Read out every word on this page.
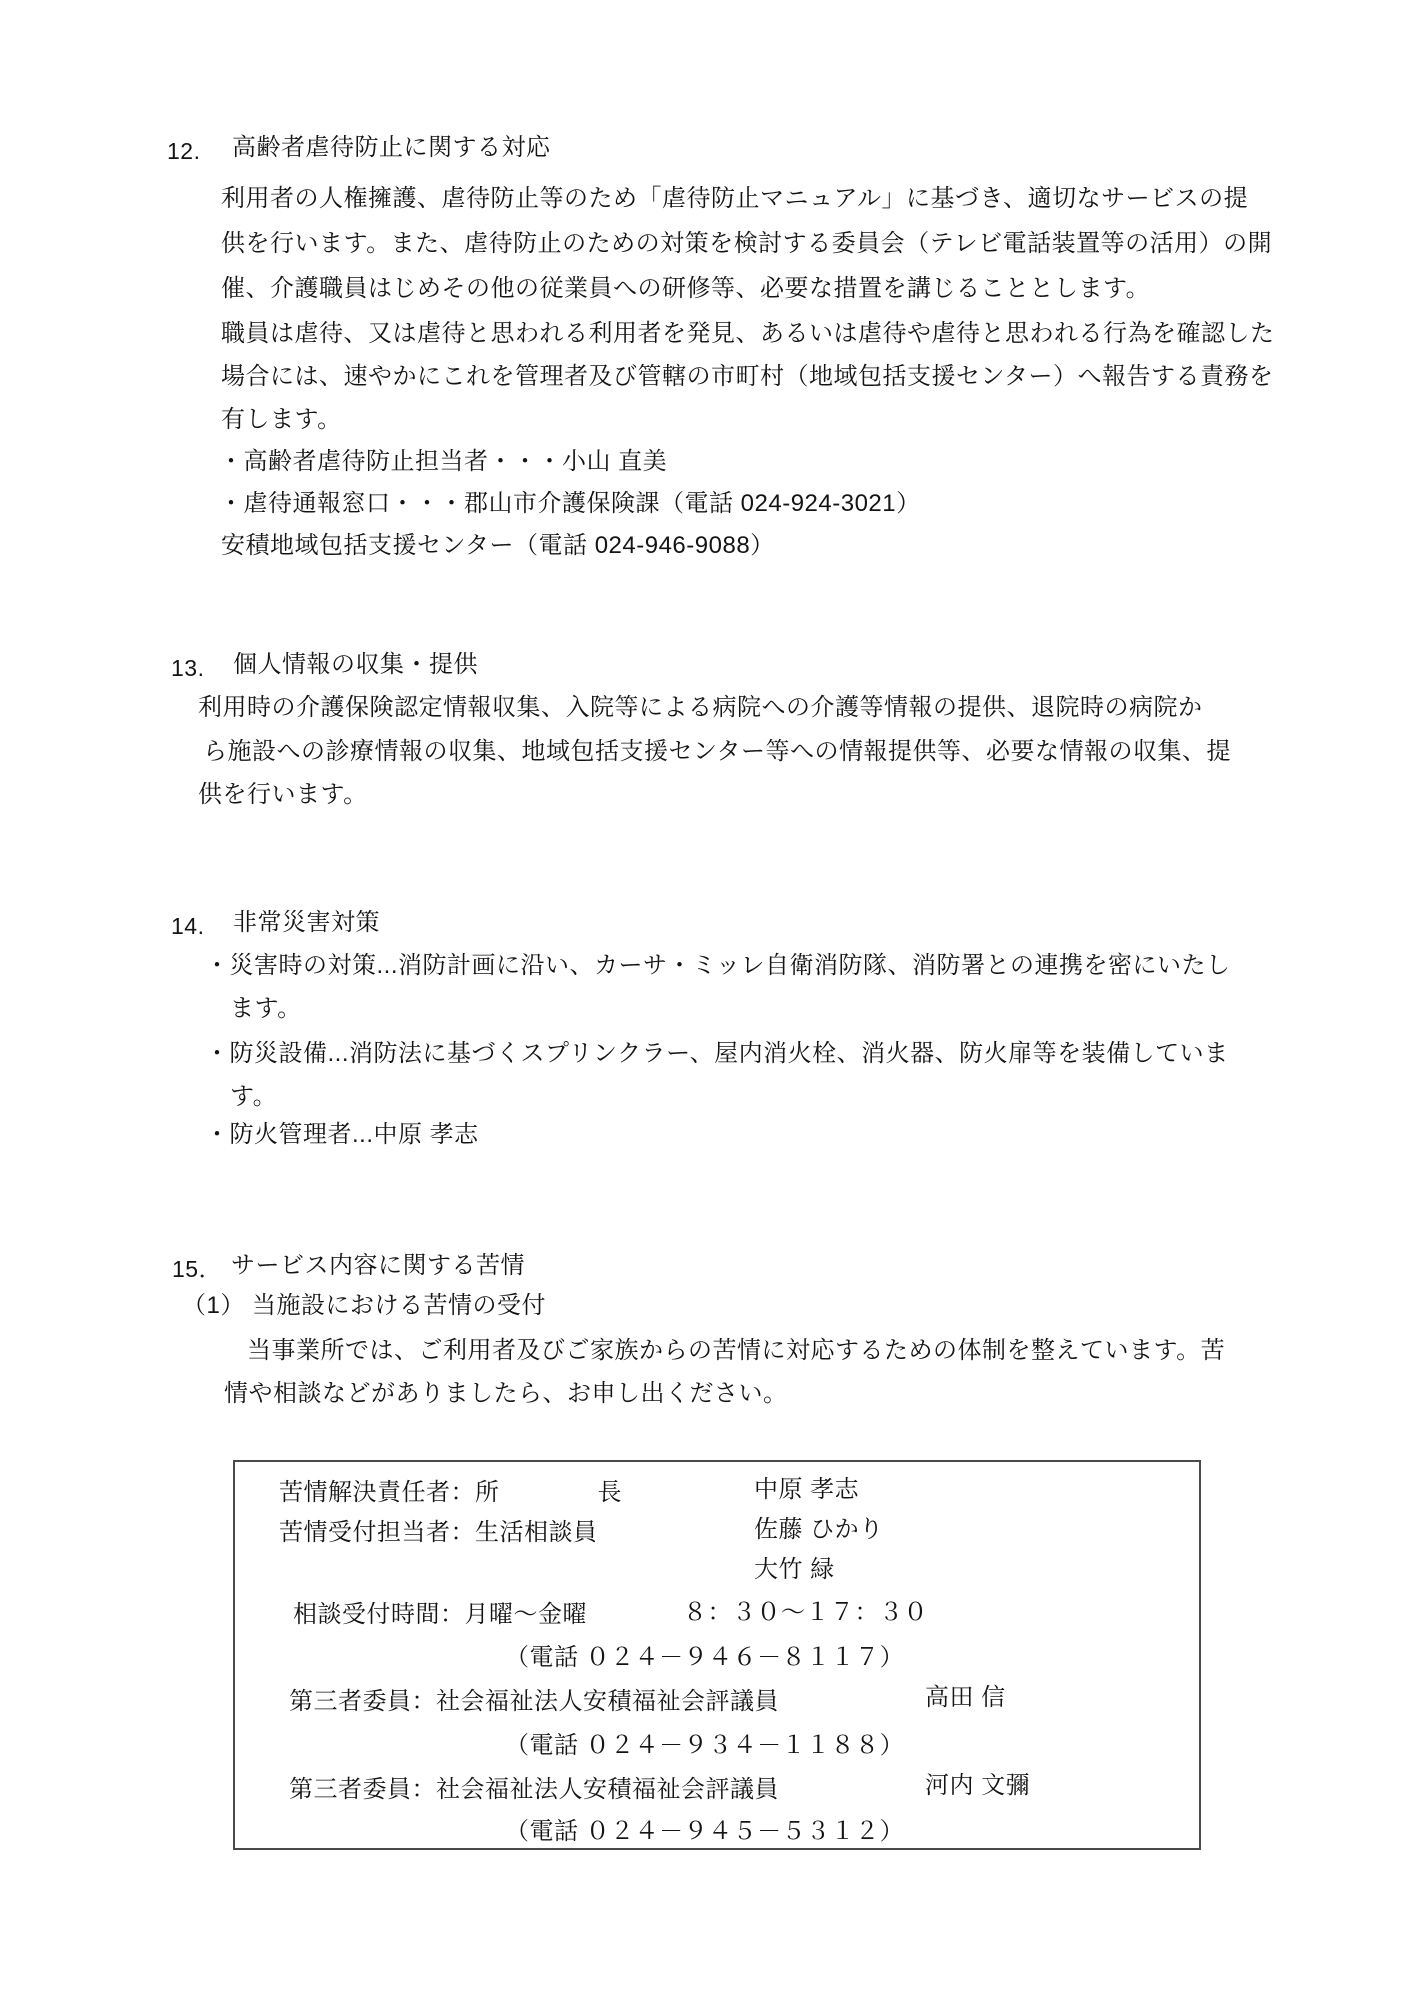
12. 高齢者虐待防止に関する対応
利用者の人権擁護、虐待防止等のため「虐待防止マニュアル」に基づき、適切なサービスの提
供を行います。また、虐待防止のための対策を検討する委員会（テレビ電話装置等の活用）の開
催、介護職員はじめその他の従業員への研修等、必要な措置を講じることとします。
職員は虐待、又は虐待と思われる利用者を発見、あるいは虐待や虐待と思われる行為を確認した
場合には、速やかにこれを管理者及び管轄の市町村（地域包括支援センター）へ報告する責務を
有します。
・高齢者虐待防止担当者・・・小山 直美
・虐待通報窓口・・・郡山市介護保険課（電話 024-924-3021）
安積地域包括支援センター（電話 024-946-9088）
13. 個人情報の収集・提供
利用時の介護保険認定情報収集、入院等による病院への介護等情報の提供、退院時の病院か
ら施設への診療情報の収集、地域包括支援センター等への情報提供等、必要な情報の収集、提
供を行います。
14. 非常災害対策
・災害時の対策...消防計画に沿い、カーサ・ミッレ自衛消防隊、消防署との連携を密にいたし
ます。
・防災設備...消防法に基づくスプリンクラー、屋内消火栓、消火器、防火扉等を装備していま
す。
・防火管理者...中原 孝志
15． サービス内容に関する苦情
（1） 当施設における苦情の受付
当事業所では、ご利用者及びご家族からの苦情に対応するための体制を整えています。苦
情や相談などがありましたら、お申し出ください。
苦情解決責任者：所　　　　長	中原 孝志
苦情受付担当者：生活相談員	佐藤 ひかり
大竹 緑
相談受付時間：月曜～金曜	８：３０～１７：３０
（電話 ０２４－９４６－８１１７）
第三者委員：社会福祉法人安積福祉会評議員	高田 信
（電話 ０２４－９３４－１１８８）
第三者委員：社会福祉法人安積福祉会評議員	河内 文彌
（電話 ０２４－９４５－５３１２）
